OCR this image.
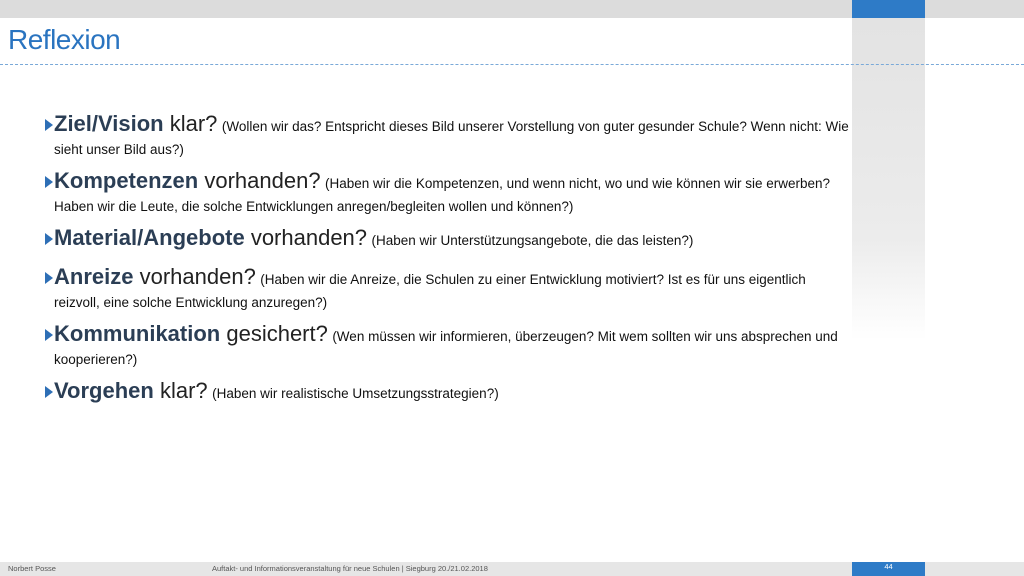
Reflexion
Ziel/Vision klar? (Wollen wir das? Entspricht dieses Bild unserer Vorstellung von guter gesunder Schule? Wenn nicht: Wie
sieht unser Bild aus?)
Kompetenzen vorhanden? (Haben wir die Kompetenzen, und wenn nicht, wo und wie können wir sie erwerben?
Haben wir die Leute, die solche Entwicklungen anregen/begleiten wollen und können?)
Material/Angebote vorhanden? (Haben wir Unterstützungsangebote, die das leisten?)
Anreize vorhanden? (Haben wir die Anreize, die Schulen zu einer Entwicklung motiviert? Ist es für uns eigentlich
reizvoll, eine solche Entwicklung anzuregen?)
Kommunikation gesichert? (Wen müssen wir informieren, überzeugen? Mit wem sollten wir uns absprechen und
kooperieren?)
Vorgehen klar? (Haben wir realistische Umsetzungsstrategien?)
Norbert Posse	Auftakt- und Informationsveranstaltung für neue Schulen | Siegburg 20./21.02.2018	44
